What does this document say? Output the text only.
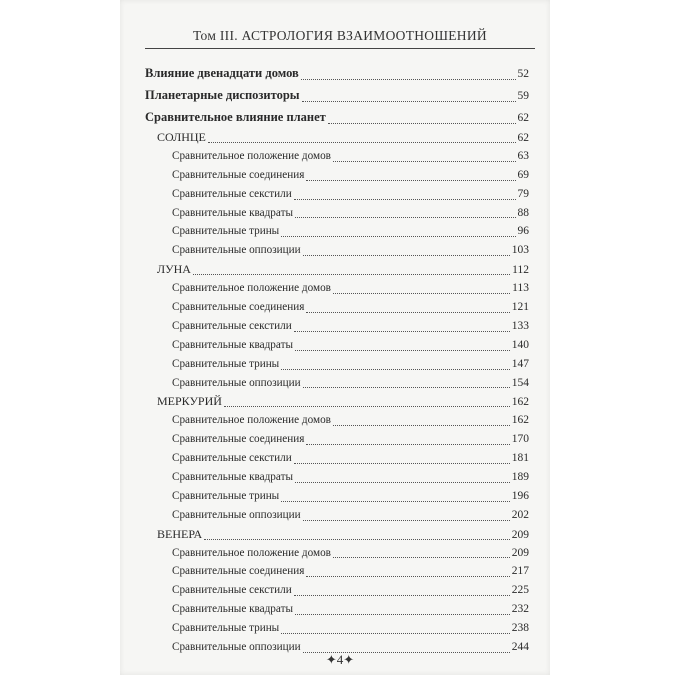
Том III. АСТРОЛОГИЯ ВЗАИМООТНОШЕНИЙ
Влияние двенадцати домов	52
Планетарные диспозиторы	59
Сравнительное влияние планет	62
СОЛНЦЕ	62
Сравнительное положение домов	63
Сравнительные соединения	69
Сравнительные секстили	79
Сравнительные квадраты	88
Сравнительные трины	96
Сравнительные оппозиции	103
ЛУНА	112
Сравнительное положение домов	113
Сравнительные соединения	121
Сравнительные секстили	133
Сравнительные квадраты	140
Сравнительные трины	147
Сравнительные оппозиции	154
МЕРКУРИЙ	162
Сравнительное положение домов	162
Сравнительные соединения	170
Сравнительные секстили	181
Сравнительные квадраты	189
Сравнительные трины	196
Сравнительные оппозиции	202
ВЕНЕРА	209
Сравнительное положение домов	209
Сравнительные соединения	217
Сравнительные секстили	225
Сравнительные квадраты	232
Сравнительные трины	238
Сравнительные оппозиции	244
✦4✦
